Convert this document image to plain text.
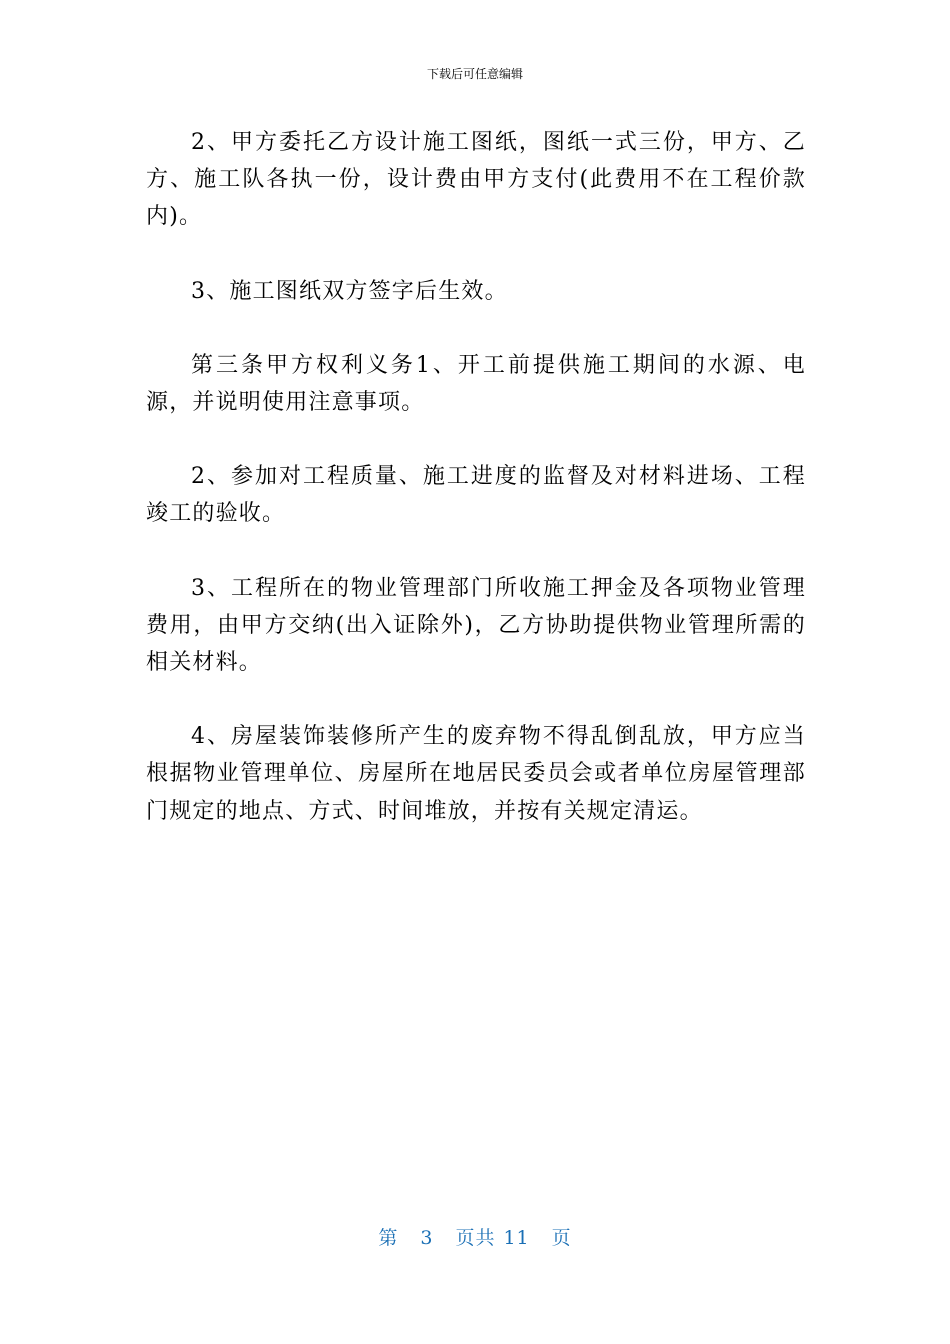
下载后可任意编辑

2、甲方委托乙方设计施工图纸，图纸一式三份，甲方、乙方、施工队各执一份，设计费由甲方支付(此费用不在工程价款内)。

3、施工图纸双方签字后生效。

第三条甲方权利义务1、开工前提供施工期间的水源、电源，并说明使用注意事项。

2、参加对工程质量、施工进度的监督及对材料进场、工程竣工的验收。

3、工程所在的物业管理部门所收施工押金及各项物业管理费用，由甲方交纳(出入证除外)，乙方协助提供物业管理所需的相关材料。

4、房屋装饰装修所产生的废弃物不得乱倒乱放，甲方应当根据物业管理单位、房屋所在地居民委员会或者单位房屋管理部门规定的地点、方式、时间堆放，并按有关规定清运。

第 3 页共 11 页
